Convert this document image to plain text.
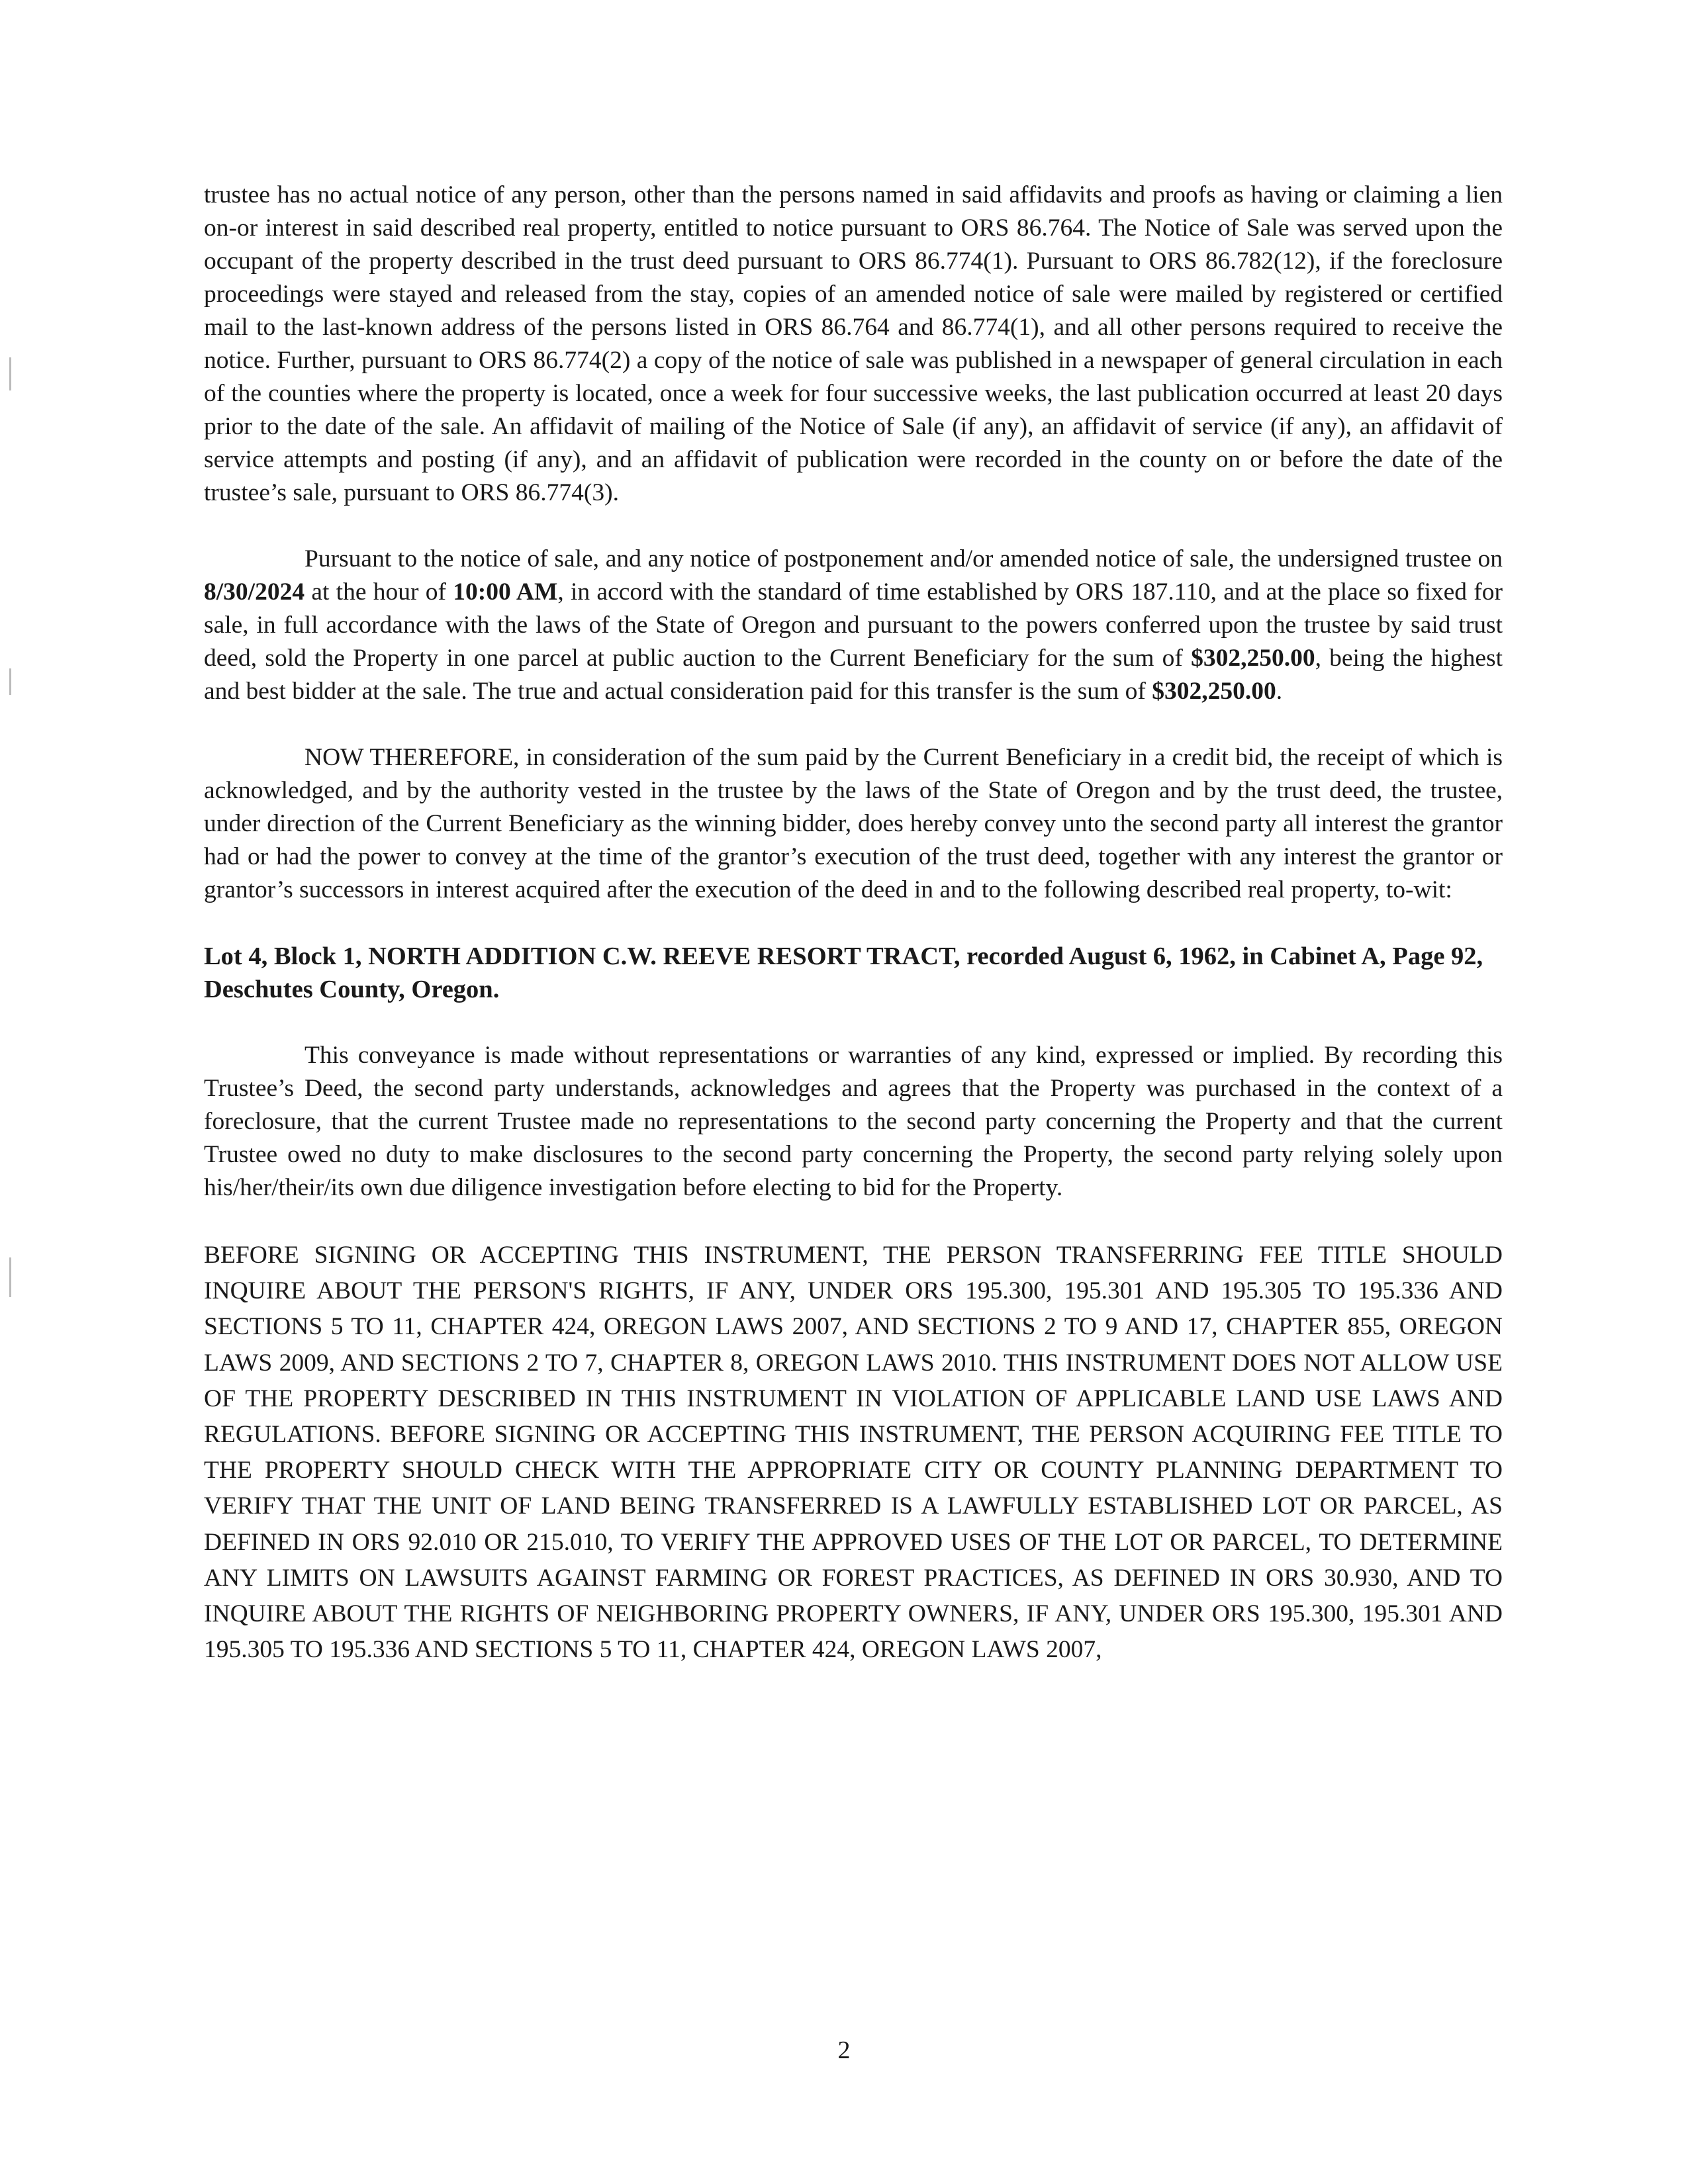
trustee has no actual notice of any person, other than the persons named in said affidavits and proofs as having or claiming a lien on-or interest in said described real property, entitled to notice pursuant to ORS 86.764. The Notice of Sale was served upon the occupant of the property described in the trust deed pursuant to ORS 86.774(1). Pursuant to ORS 86.782(12), if the foreclosure proceedings were stayed and released from the stay, copies of an amended notice of sale were mailed by registered or certified mail to the last-known address of the persons listed in ORS 86.764 and 86.774(1), and all other persons required to receive the notice. Further, pursuant to ORS 86.774(2) a copy of the notice of sale was published in a newspaper of general circulation in each of the counties where the property is located, once a week for four successive weeks, the last publication occurred at least 20 days prior to the date of the sale. An affidavit of mailing of the Notice of Sale (if any), an affidavit of service (if any), an affidavit of service attempts and posting (if any), and an affidavit of publication were recorded in the county on or before the date of the trustee’s sale, pursuant to ORS 86.774(3).

Pursuant to the notice of sale, and any notice of postponement and/or amended notice of sale, the undersigned trustee on 8/30/2024 at the hour of 10:00 AM, in accord with the standard of time established by ORS 187.110, and at the place so fixed for sale, in full accordance with the laws of the State of Oregon and pursuant to the powers conferred upon the trustee by said trust deed, sold the Property in one parcel at public auction to the Current Beneficiary for the sum of $302,250.00, being the highest and best bidder at the sale. The true and actual consideration paid for this transfer is the sum of $302,250.00.

NOW THEREFORE, in consideration of the sum paid by the Current Beneficiary in a credit bid, the receipt of which is acknowledged, and by the authority vested in the trustee by the laws of the State of Oregon and by the trust deed, the trustee, under direction of the Current Beneficiary as the winning bidder, does hereby convey unto the second party all interest the grantor had or had the power to convey at the time of the grantor’s execution of the trust deed, together with any interest the grantor or grantor’s successors in interest acquired after the execution of the deed in and to the following described real property, to-wit:

Lot 4, Block 1, NORTH ADDITION C.W. REEVE RESORT TRACT, recorded August 6, 1962, in Cabinet A, Page 92, Deschutes County, Oregon.

This conveyance is made without representations or warranties of any kind, expressed or implied. By recording this Trustee’s Deed, the second party understands, acknowledges and agrees that the Property was purchased in the context of a foreclosure, that the current Trustee made no representations to the second party concerning the Property and that the current Trustee owed no duty to make disclosures to the second party concerning the Property, the second party relying solely upon his/her/their/its own due diligence investigation before electing to bid for the Property.

BEFORE SIGNING OR ACCEPTING THIS INSTRUMENT, THE PERSON TRANSFERRING FEE TITLE SHOULD INQUIRE ABOUT THE PERSON'S RIGHTS, IF ANY, UNDER ORS 195.300, 195.301 AND 195.305 TO 195.336 AND SECTIONS 5 TO 11, CHAPTER 424, OREGON LAWS 2007, AND SECTIONS 2 TO 9 AND 17, CHAPTER 855, OREGON LAWS 2009, AND SECTIONS 2 TO 7, CHAPTER 8, OREGON LAWS 2010. THIS INSTRUMENT DOES NOT ALLOW USE OF THE PROPERTY DESCRIBED IN THIS INSTRUMENT IN VIOLATION OF APPLICABLE LAND USE LAWS AND REGULATIONS. BEFORE SIGNING OR ACCEPTING THIS INSTRUMENT, THE PERSON ACQUIRING FEE TITLE TO THE PROPERTY SHOULD CHECK WITH THE APPROPRIATE CITY OR COUNTY PLANNING DEPARTMENT TO VERIFY THAT THE UNIT OF LAND BEING TRANSFERRED IS A LAWFULLY ESTABLISHED LOT OR PARCEL, AS DEFINED IN ORS 92.010 OR 215.010, TO VERIFY THE APPROVED USES OF THE LOT OR PARCEL, TO DETERMINE ANY LIMITS ON LAWSUITS AGAINST FARMING OR FOREST PRACTICES, AS DEFINED IN ORS 30.930, AND TO INQUIRE ABOUT THE RIGHTS OF NEIGHBORING PROPERTY OWNERS, IF ANY, UNDER ORS 195.300, 195.301 AND 195.305 TO 195.336 AND SECTIONS 5 TO 11, CHAPTER 424, OREGON LAWS 2007,

2
